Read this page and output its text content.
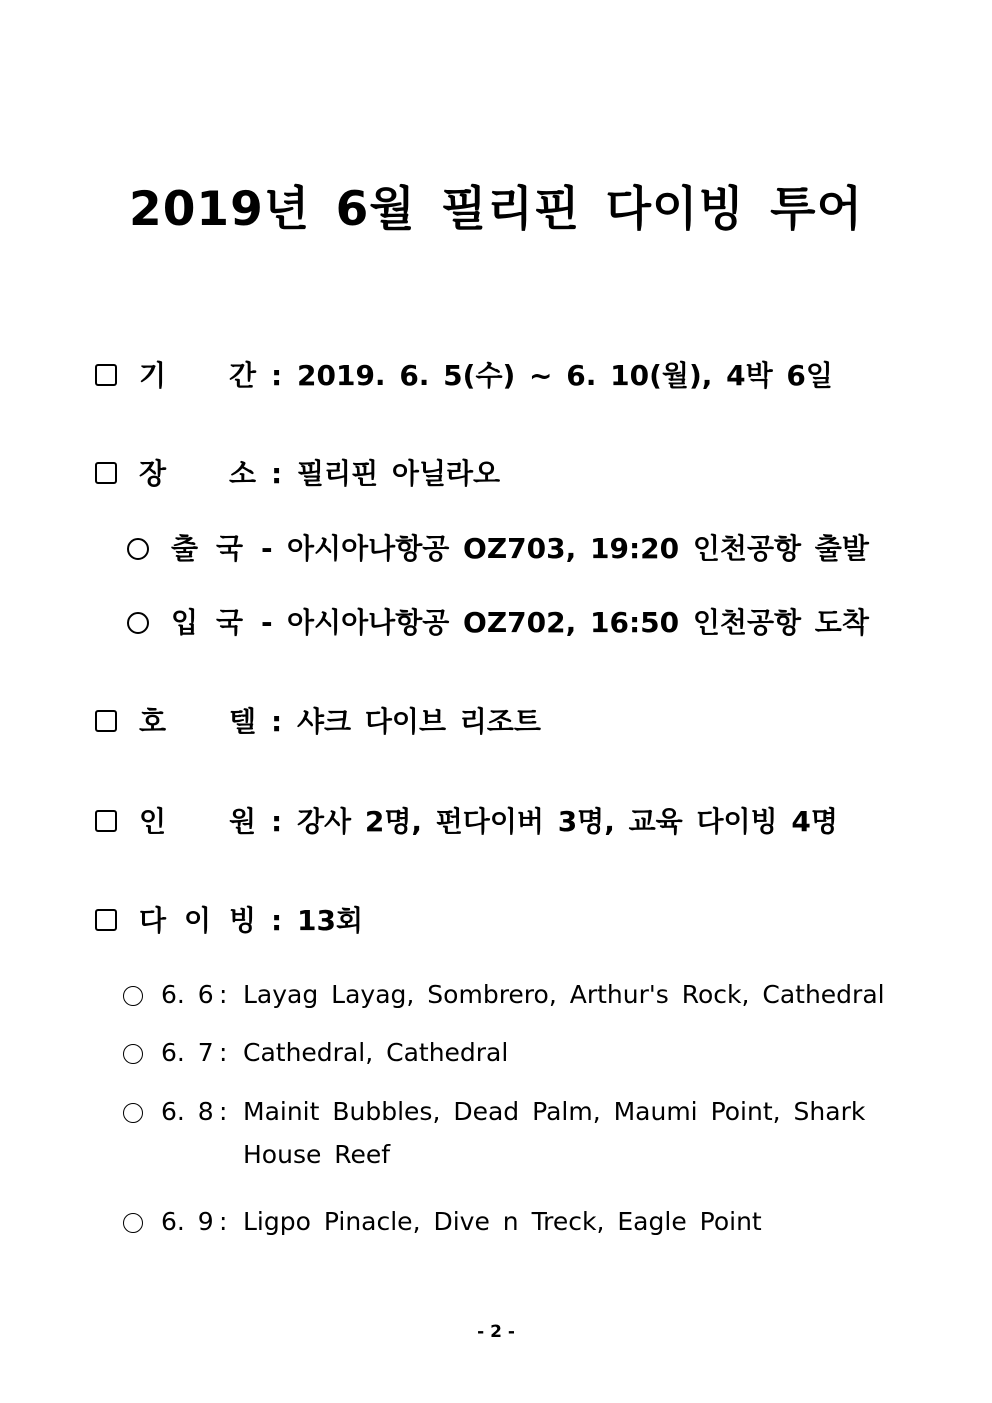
2019년 6월 필리핀 다이빙 투어
기 간 : 2019. 6. 5(수) ~ 6. 10(월), 4박 6일
장 소 : 필리핀 아닐라오
출 국 - 아시아나항공 OZ703, 19:20 인천공항 출발
입 국 - 아시아나항공 OZ702, 16:50 인천공항 도착
호 텔 : 샤크 다이브 리조트
인 원 : 강사 2명, 펀다이버 3명, 교육 다이빙 4명
다 이 빙 : 13회
6. 6 : Layag Layag, Sombrero, Arthur's Rock, Cathedral
6. 7 : Cathedral, Cathedral
6. 8 : Mainit Bubbles, Dead Palm, Maumi Point, Shark
House Reef
6. 9 : Ligpo Pinacle, Dive n Treck, Eagle Point
- 2 -
